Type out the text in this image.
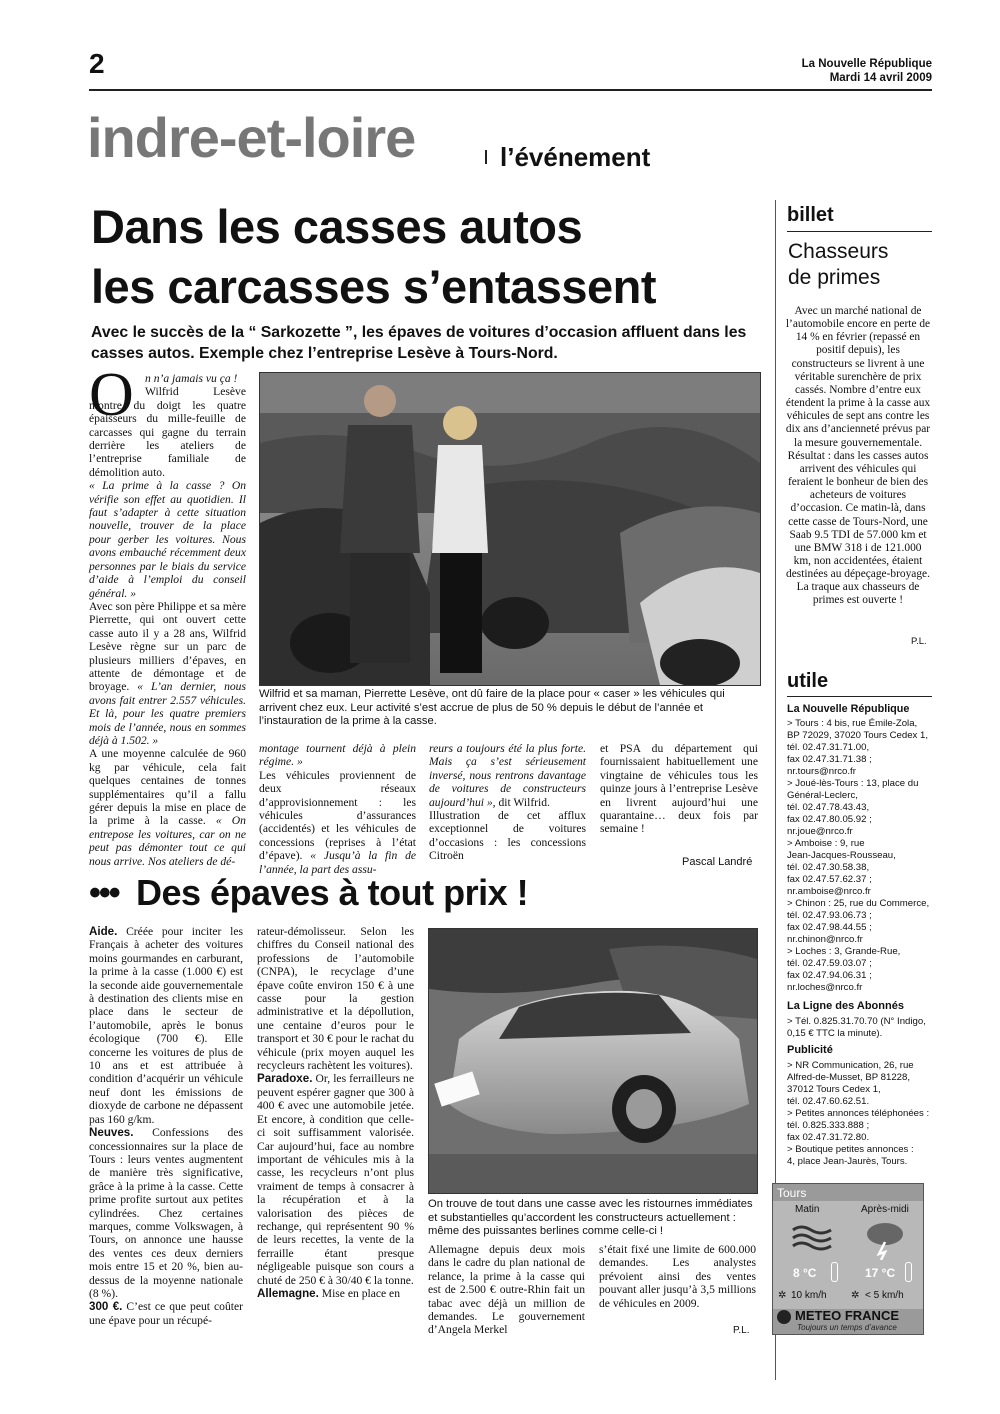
2	La Nouvelle République
Mardi 14 avril 2009
indre-et-loire	l’événement
Dans les casses autos
les carcasses s’entassent
Avec le succès de la “ Sarkozette ”, les épaves de voitures d’occasion affluent dans les casses autos. Exemple chez l’entreprise Lesève à Tours-Nord.
O n n’a jamais vu ça !

Wilfrid Lesève montre du doigt les quatre épaisseurs du mille-feuille de carcasses qui gagne du terrain derrière les ateliers de l’entreprise familiale de démolition auto.

« La prime à la casse ? On vérifie son effet au quotidien. Il faut s’adapter à cette situation nouvelle, trouver de la place pour gerber les voitures. Nous avons embauché récemment deux personnes par le biais du service d’aide à l’emploi du conseil général. »

Avec son père Philippe et sa mère Pierrette, qui ont ouvert cette casse auto il y a 28 ans, Wilfrid Lesève règne sur un parc de plusieurs milliers d’épaves, en attente de démontage et de broyage. « L’an dernier, nous avons fait entrer 2.557 véhicules. Et là, pour les quatre premiers mois de l’année, nous en sommes déjà à 1.502. »

A une moyenne calculée de 960 kg par véhicule, cela fait quelques centaines de tonnes supplémentaires qu’il a fallu gérer depuis la mise en place de la prime à la casse. « On entrepose les voitures, car on ne peut pas démonter tout ce qui nous arrive. Nos ateliers de dé-

Wilfrid et sa maman, Pierrette Lesève, ont dû faire de la place pour « caser » les véhicules qui arrivent chez eux. Leur activité s’est accrue de plus de 50 % depuis le début de l’année et l’instauration de la prime à la casse.

montage tournent déjà à plein régime. »

Les véhicules proviennent de deux réseaux d’approvisionnement : les véhicules d’assurances (accidentés) et les véhicules de concessions (reprises à l’état d’épave). « Jusqu’à la fin de l’année, la part des assu-

reurs a toujours été la plus forte. Mais ça s’est sérieusement inversé, nous rentrons davantage de voitures de constructeurs aujourd’hui », dit Wilfrid.

Illustration de cet afflux exceptionnel de voitures d’occasions : les concessions Citroën

et PSA du département qui fournissaient habituellement une vingtaine de véhicules tous les quinze jours à l’entreprise Lesève en livrent aujourd’hui une quarantaine… deux fois par semaine !

Pascal Landré
••• Des épaves à tout prix !

Aide. Créée pour inciter les Français à acheter des voitures moins gourmandes en carburant, la prime à la casse (1.000 €) est la seconde aide gouvernementale à destination des clients mise en place dans le secteur de l’automobile, après le bonus écologique (700 €). Elle concerne les voitures de plus de 10 ans et est attribuée à condition d’acquérir un véhicule neuf dont les émissions de dioxyde de carbone ne dépassent pas 160 g/km.

Neuves. Confessions des concessionnaires sur la place de Tours : leurs ventes augmentent de manière très significative, grâce à la prime à la casse. Cette prime profite surtout aux petites cylindrées. Chez certaines marques, comme Volkswagen, à Tours, on annonce une hausse des ventes ces deux derniers mois entre 15 et 20 %, bien au-dessus de la moyenne nationale (8 %).

300 €. C’est ce que peut coûter une épave pour un récupé-

rateur-démolisseur. Selon les chiffres du Conseil national des professions de l’automobile (CNPA), le recyclage d’une épave coûte environ 150 € à une casse pour la gestion administrative et la dépollution, une centaine d’euros pour le transport et 30 € pour le rachat du véhicule (prix moyen auquel les recycleurs rachètent les voitures).

Paradoxe. Or, les ferrailleurs ne peuvent espérer gagner que 300 à 400 € avec une automobile jetée. Et encore, à condition que celle-ci soit suffisamment valorisée. Car aujourd’hui, face au nombre important de véhicules mis à la casse, les recycleurs n’ont plus vraiment de temps à consacrer à la récupération et à la valorisation des pièces de rechange, qui représentent 90 % de leurs recettes, la vente de la ferraille étant presque négligeable puisque son cours a chuté de 250 € à 30/40 € la tonne.

Allemagne. Mise en place en

On trouve de tout dans une casse avec les ristournes immédiates et substantielles qu’accordent les constructeurs actuellement : même des puissantes berlines comme celle-ci !

Allemagne depuis deux mois dans le cadre du plan national de relance, la prime à la casse qui est de 2.500 € outre-Rhin fait un tabac avec déjà un million de demandes. Le gouvernement d’Angela Merkel

s’était fixé une limite de 600.000 demandes. Les analystes prévoient ainsi des ventes pouvant aller jusqu’à 3,5 millions de véhicules en 2009.

P.L.
billet
Chasseurs
de primes
Avec un marché national de l’automobile encore en perte de 14 % en février (repassé en positif depuis), les constructeurs se livrent à une véritable surenchère de prix cassés. Nombre d’entre eux étendent la prime à la casse aux véhicules de sept ans contre les dix ans d’ancienneté prévus par la mesure gouvernementale. Résultat : dans les casses autos arrivent des véhicules qui feraient le bonheur de bien des acheteurs de voitures d’occasion. Ce matin-là, dans cette casse de Tours-Nord, une Saab 9.5 TDI de 57.000 km et une BMW 318 i de 121.000 km, non accidentées, étaient destinées au dépeçage-broyage. La traque aux chasseurs de primes est ouverte !
P.L.
utile
La Nouvelle République
> Tours : 4 bis, rue Émile-Zola,
BP 72029, 37020 Tours Cedex 1,
tél. 02.47.31.71.00,
fax 02.47.31.71.38 ;
nr.tours@nrco.fr
> Joué-lès-Tours : 13, place du
Général-Leclerc,
tél. 02.47.78.43.43,
fax 02.47.80.05.92 ;
nr.joue@nrco.fr
> Amboise : 9, rue
Jean-Jacques-Rousseau,
tél. 02.47.30.58.38,
fax 02.47.57.62.37 ;
nr.amboise@nrco.fr
> Chinon : 25, rue du Commerce,
tél. 02.47.93.06.73 ;
fax 02.47.98.44.55 ;
nr.chinon@nrco.fr
> Loches : 3, Grande-Rue,
tél. 02.47.59.03.07 ;
fax 02.47.94.06.31 ;
nr.loches@nrco.fr
La Ligne des Abonnés
> Tél. 0.825.31.70.70 (N° Indigo,
0,15 € TTC la minute).
Publicité
> NR Communication, 26, rue
Alfred-de-Musset, BP 81228,
37012 Tours Cedex 1,
tél. 02.47.60.62.51.
> Petites annonces téléphonées :
tél. 0.825.333.888 ;
fax 02.47.31.72.80.
> Boutique petites annonces :
4, place Jean-Jaurès, Tours.
Tours
Matin	Après-midi
8 °C	17 °C
✲ 10 km/h ✲ < 5 km/h
METEO FRANCE
Toujours un temps d’avance
